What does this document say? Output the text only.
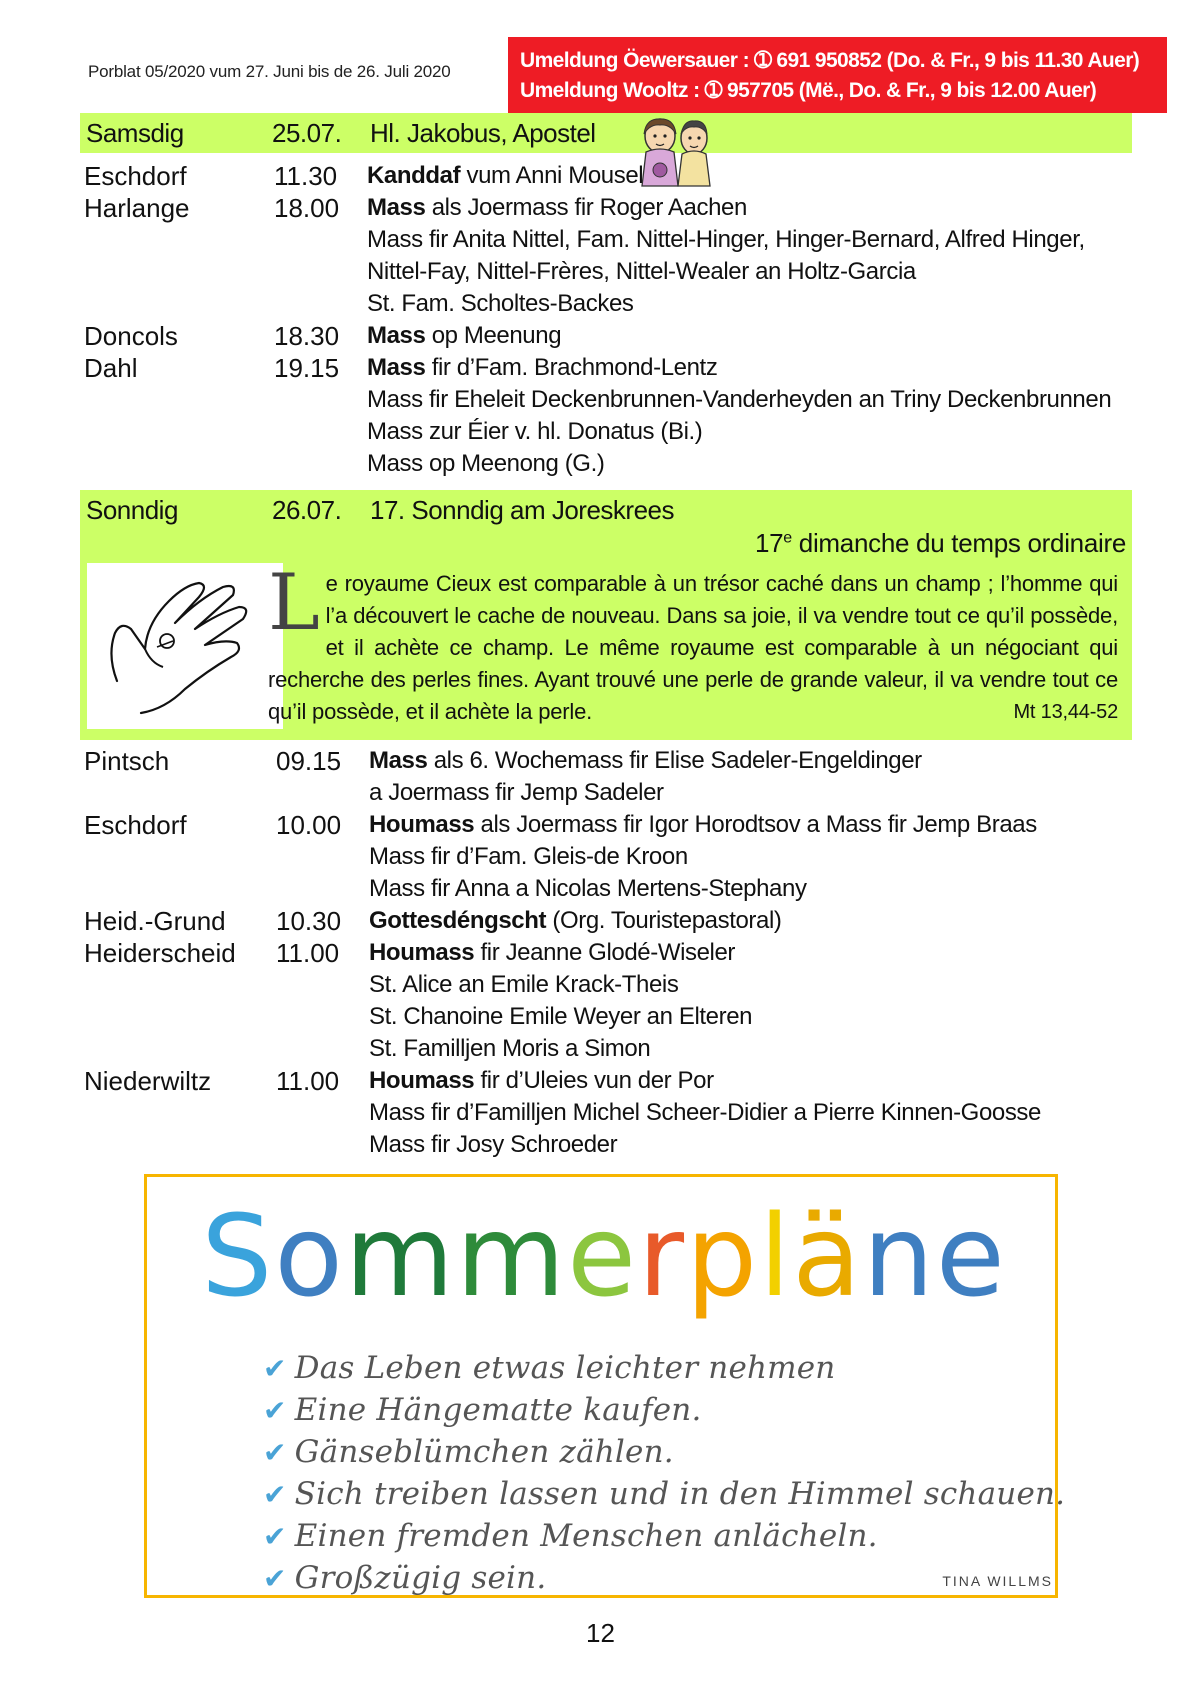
Porblat 05/2020 vum 27. Juni bis de 26. Juli 2020	Umeldung Öewersauer : ➀ 691 950852 (Do. & Fr., 9 bis 11.30 Auer)
Umeldung Wooltz : ➀ 957705 (Më., Do. & Fr., 9 bis 12.00 Auer)
Samsdig	25.07. Hl. Jakobus, Apostel
Eschdorf	11.30 Kanddaf vum Anni Mousel
Harlange	18.00 Mass als Joermass fir Roger Aachen
Mass fir Anita Nittel, Fam. Nittel-Hinger, Hinger-Bernard, Alfred Hinger,
Nittel-Fay, Nittel-Frères, Nittel-Wealer an Holtz-Garcia
St. Fam. Scholtes-Backes
Doncols	18.30 Mass op Meenung
Dahl	19.15 Mass fir d’Fam. Brachmond-Lentz
Mass fir Eheleit Deckenbrunnen-Vanderheyden an Triny Deckenbrunnen
Mass zur Éier v. hl. Donatus (Bi.)
Mass op Meenong (G.)
Sonndig	26.07. 17. Sonndig am Joreskrees
17e dimanche du temps ordinaire
Le royaume Cieux est comparable à un trésor caché dans un champ ; l’homme qui l’a découvert le cache de nouveau. Dans sa joie, il va vendre tout ce qu’il possède, et il achète ce champ. Le même royaume est comparable à un négociant qui recherche des perles fines. Ayant trouvé une perle de grande valeur, il va vendre tout ce qu’il possède, et il achète la perle.	Mt 13,44-52
Pintsch	09.15 Mass als 6. Wochemass fir Elise Sadeler-Engeldinger
a Joermass fir Jemp Sadeler
Eschdorf	10.00 Houmass als Joermass fir Igor Horodtsov a Mass fir Jemp Braas
Mass fir d’Fam. Gleis-de Kroon
Mass fir Anna a Nicolas Mertens-Stephany
Heid.-Grund 10.30 Gottesdéngscht (Org. Touristepastoral)
Heiderscheid 11.00 Houmass fir Jeanne Glodé-Wiseler
St. Alice an Emile Krack-Theis
St. Chanoine Emile Weyer an Elteren
St. Familljen Moris a Simon
Niederwiltz 11.00 Houmass fir d’Uleies vun der Por
Mass fir d’Familljen Michel Scheer-Didier a Pierre Kinnen-Goosse
Mass fir Josy Schroeder
Sommerpläne
✔ Das Leben etwas leichter nehmen
✔ Eine Hängematte kaufen.
✔ Gänseblümchen zählen.
✔ Sich treiben lassen und in den Himmel schauen.
✔ Einen fremden Menschen anlächeln.
✔ Großzügig sein.	TINA WILLMS
12
